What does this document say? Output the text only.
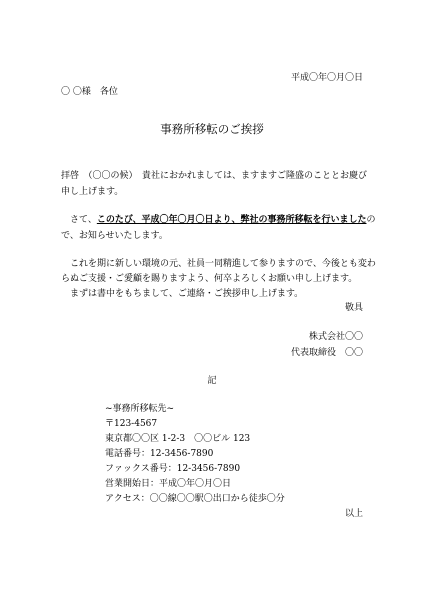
平成〇年〇月〇日
〇 〇様　各位
事務所移転のご挨拶
拝啓　（〇〇の候）　貴社におかれましては、ますますご隆盛のこととお慶び
申し上げます。
さて、このたび、平成〇年〇月〇日より、弊社の事務所移転を行いましたの
で、お知らせいたします。
これを期に新しい環境の元、社員一同精進して参りますので、今後とも変わ
らぬご支援・ご愛顧を賜りますよう、何卒よろしくお願い申し上げます。
まずは書中をもちまして、ご連絡・ご挨拶申し上げます。
敬具
株式会社〇〇
代表取締役　〇〇
記
~事務所移転先~
〒123-4567
東京都〇〇区 1-2-3　〇〇ビル 123
電話番号：12-3456-7890
ファックス番号：12-3456-7890
営業開始日：平成〇年〇月〇日
アクセス：〇〇線〇〇駅〇出口から徒歩〇分
以上
